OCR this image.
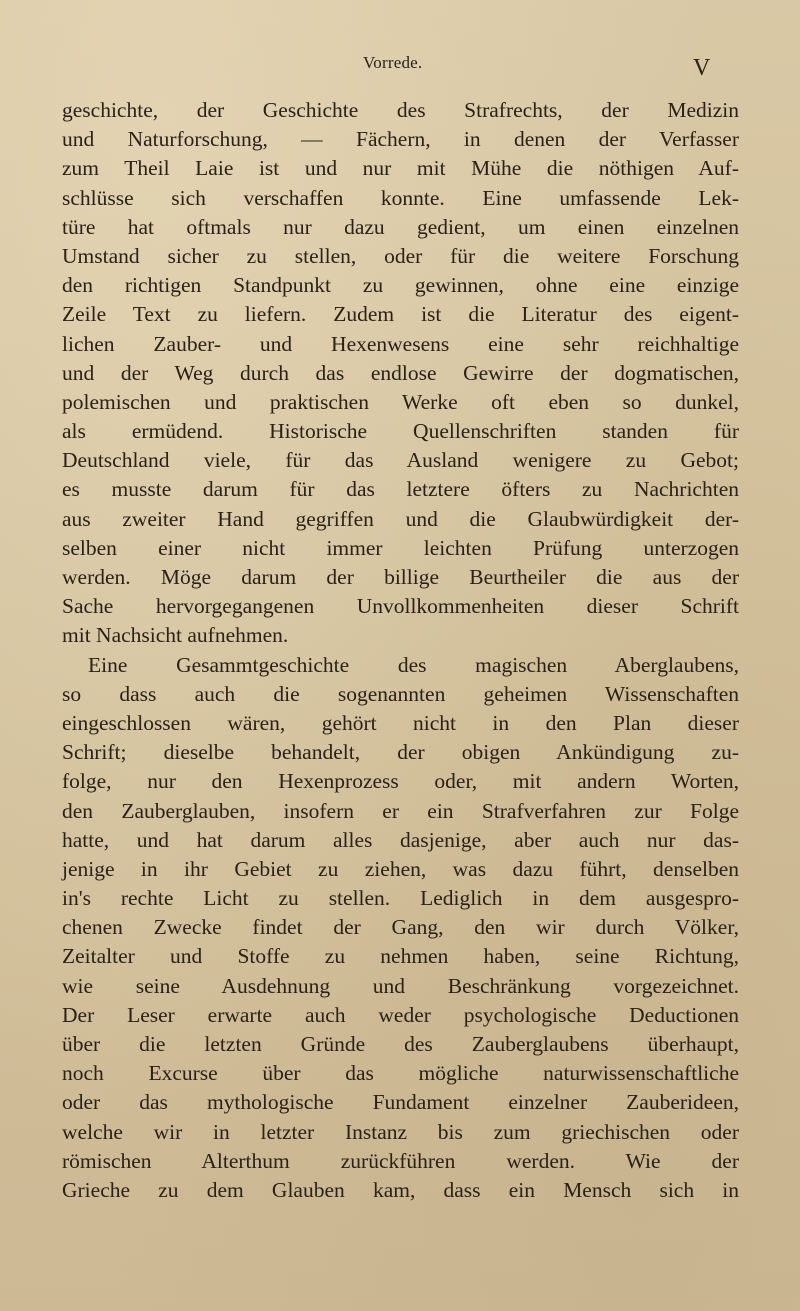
Vorrede.	V
geschichte, der Geschichte des Strafrechts, der Medizin
und Naturforschung, — Fächern, in denen der Verfasser
zum Theil Laie ist und nur mit Mühe die nöthigen Auf-
schlüsse sich verschaffen konnte. Eine umfassende Lek-
türe hat oftmals nur dazu gedient, um einen einzelnen
Umstand sicher zu stellen, oder für die weitere Forschung
den richtigen Standpunkt zu gewinnen, ohne eine einzige
Zeile Text zu liefern. Zudem ist die Literatur des eigent-
lichen Zauber- und Hexenwesens eine sehr reichhaltige
und der Weg durch das endlose Gewirre der dogmatischen,
polemischen und praktischen Werke oft eben so dunkel,
als ermüdend. Historische Quellenschriften standen für
Deutschland viele, für das Ausland wenigere zu Gebot;
es musste darum für das letztere öfters zu Nachrichten
aus zweiter Hand gegriffen und die Glaubwürdigkeit der-
selben einer nicht immer leichten Prüfung unterzogen
werden. Möge darum der billige Beurtheiler die aus der
Sache hervorgegangenen Unvollkommenheiten dieser Schrift
mit Nachsicht aufnehmen.
Eine Gesammtgeschichte des magischen Aberglaubens,
so dass auch die sogenannten geheimen Wissenschaften
eingeschlossen wären, gehört nicht in den Plan dieser
Schrift; dieselbe behandelt, der obigen Ankündigung zu-
folge, nur den Hexenprozess oder, mit andern Worten,
den Zauberglauben, insofern er ein Strafverfahren zur Folge
hatte, und hat darum alles dasjenige, aber auch nur das-
jenige in ihr Gebiet zu ziehen, was dazu führt, denselben
in's rechte Licht zu stellen. Lediglich in dem ausgespro-
chenen Zwecke findet der Gang, den wir durch Völker,
Zeitalter und Stoffe zu nehmen haben, seine Richtung,
wie seine Ausdehnung und Beschränkung vorgezeichnet.
Der Leser erwarte auch weder psychologische Deductionen
über die letzten Gründe des Zauberglaubens überhaupt,
noch Excurse über das mögliche naturwissenschaftliche
oder das mythologische Fundament einzelner Zauberideen,
welche wir in letzter Instanz bis zum griechischen oder
römischen Alterthum zurückführen werden. Wie der
Grieche zu dem Glauben kam, dass ein Mensch sich in
